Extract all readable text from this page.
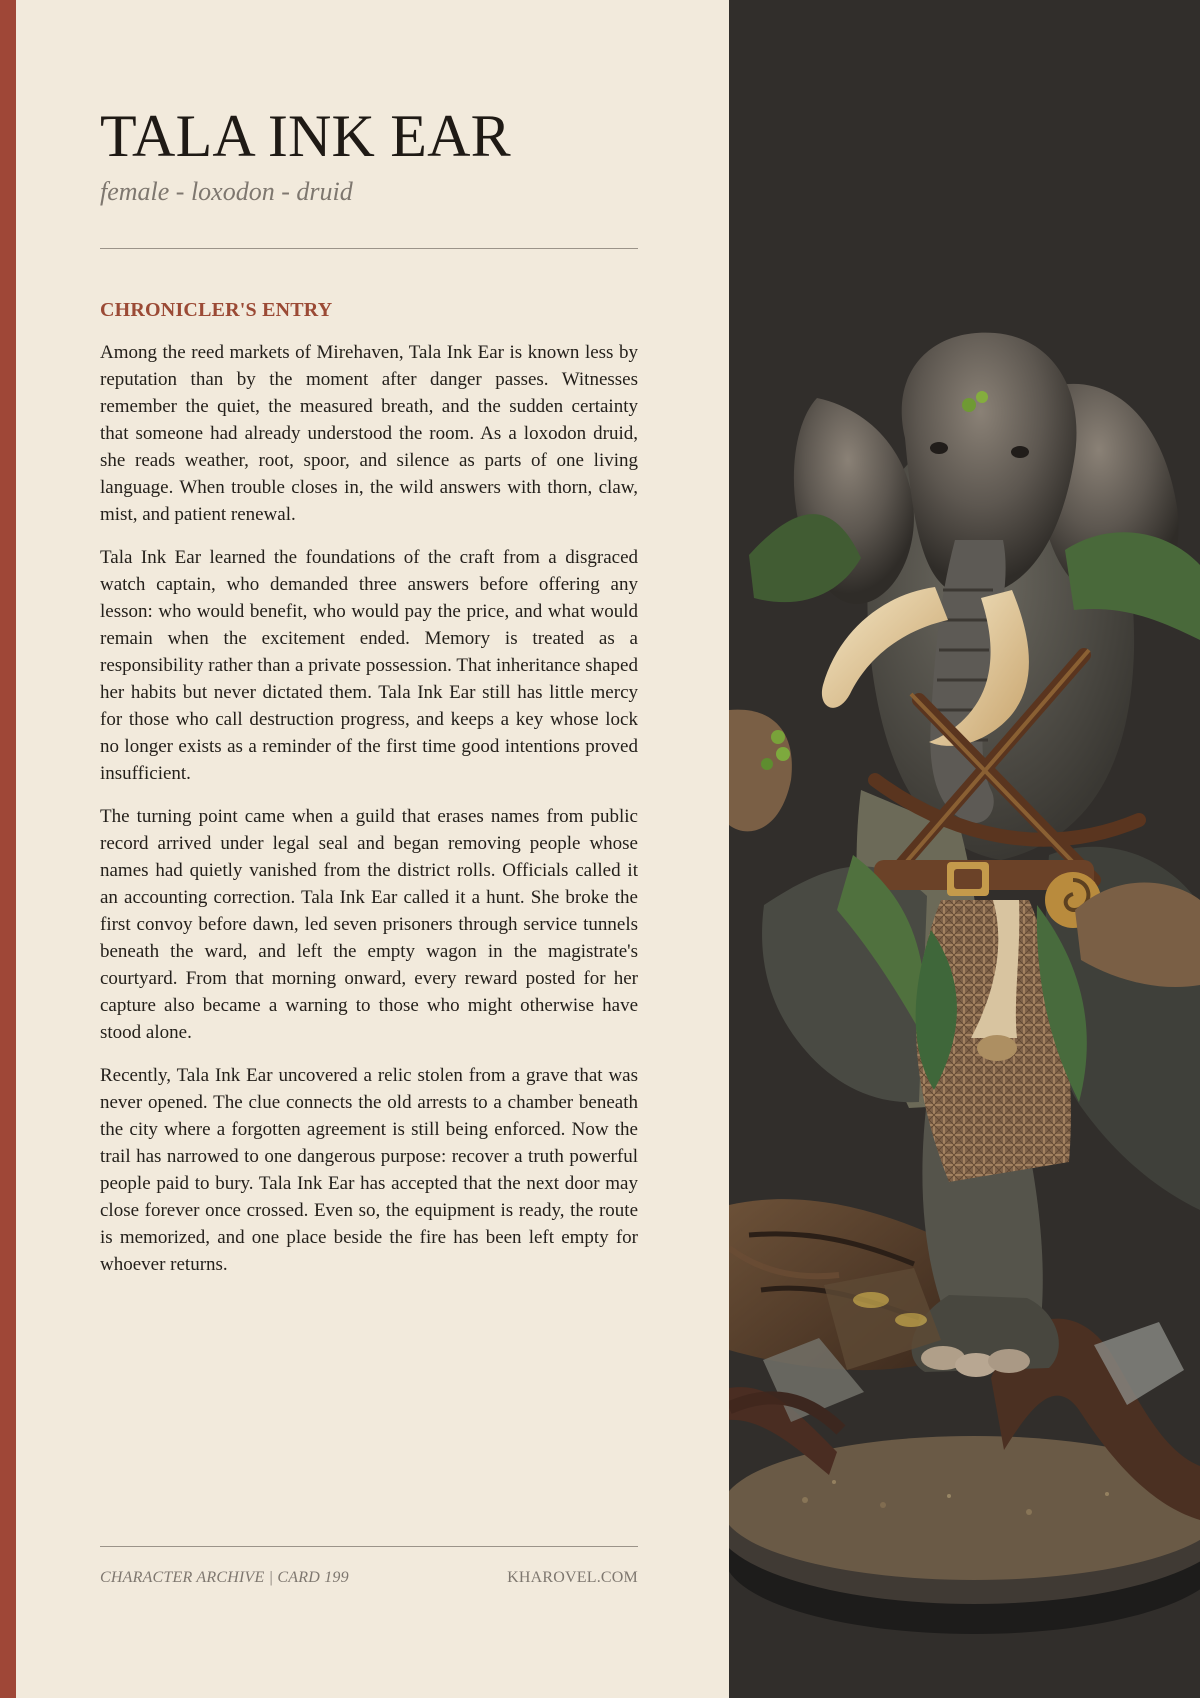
TALA INK EAR
female - loxodon - druid
CHRONICLER'S ENTRY

Among the reed markets of Mirehaven, Tala Ink Ear is known less by reputation than by the moment after danger passes. Witnesses remember the quiet, the measured breath, and the sudden certainty that someone had already understood the room. As a loxodon druid, she reads weather, root, spoor, and silence as parts of one living language. When trouble closes in, the wild answers with thorn, claw, mist, and patient renewal.

Tala Ink Ear learned the foundations of the craft from a disgraced watch captain, who demanded three answers before offering any lesson: who would benefit, who would pay the price, and what would remain when the excitement ended. Memory is treated as a responsibility rather than a private possession. That inheritance shaped her habits but never dictated them. Tala Ink Ear still has little mercy for those who call destruction progress, and keeps a key whose lock no longer exists as a reminder of the first time good intentions proved insufficient.

The turning point came when a guild that erases names from public record arrived under legal seal and began removing people whose names had quietly vanished from the district rolls. Officials called it an accounting correction. Tala Ink Ear called it a hunt. She broke the first convoy before dawn, led seven prisoners through service tunnels beneath the ward, and left the empty wagon in the magistrate's courtyard. From that morning onward, every reward posted for her capture also became a warning to those who might otherwise have stood alone.

Recently, Tala Ink Ear uncovered a relic stolen from a grave that was never opened. The clue connects the old arrests to a chamber beneath the city where a forgotten agreement is still being enforced. Now the trail has narrowed to one dangerous purpose: recover a truth powerful people paid to bury. Tala Ink Ear has accepted that the next door may close forever once crossed. Even so, the equipment is ready, the route is memorized, and one place beside the fire has been left empty for whoever returns.

CHARACTER ARCHIVE | CARD 199	KHAROVEL.COM
